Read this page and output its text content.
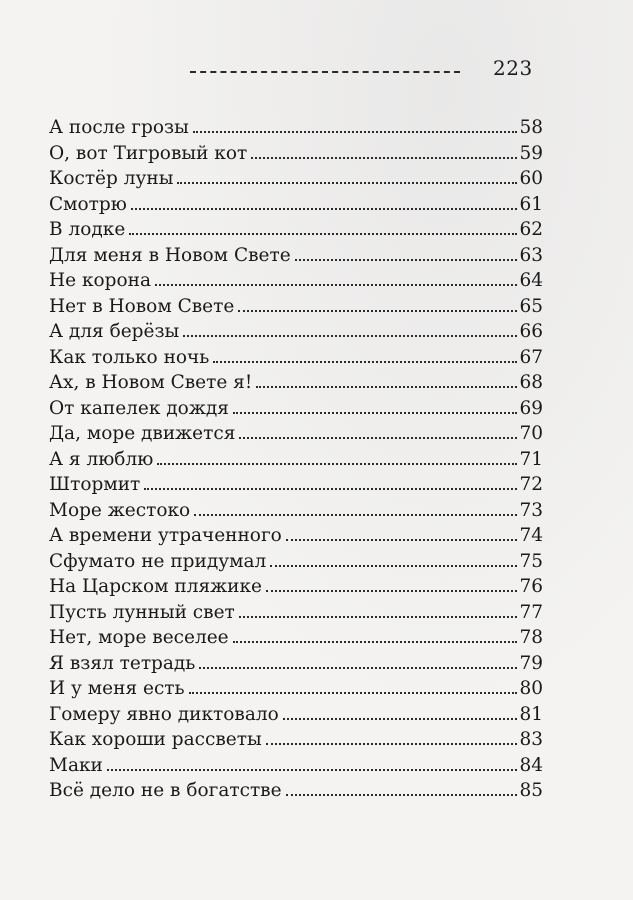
223
А после грозы	58
О, вот Тигровый кот	59
Костёр луны	60
Смотрю	61
В лодке	62
Для меня в Новом Свете	63
Не корона	64
Нет в Новом Свете	65
А для берёзы	66
Как только ночь	67
Ах, в Новом Свете я!	68
От капелек дождя	69
Да, море движется	70
А я люблю	71
Штормит	72
Море жестоко	73
А времени утраченного	74
Сфумато не придумал	75
На Царском пляжике	76
Пусть лунный свет	77
Нет, море веселее	78
Я взял тетрадь	79
И у меня есть	80
Гомеру явно диктовало	81
Как хороши рассветы	83
Маки	84
Всё дело не в богатстве	85
